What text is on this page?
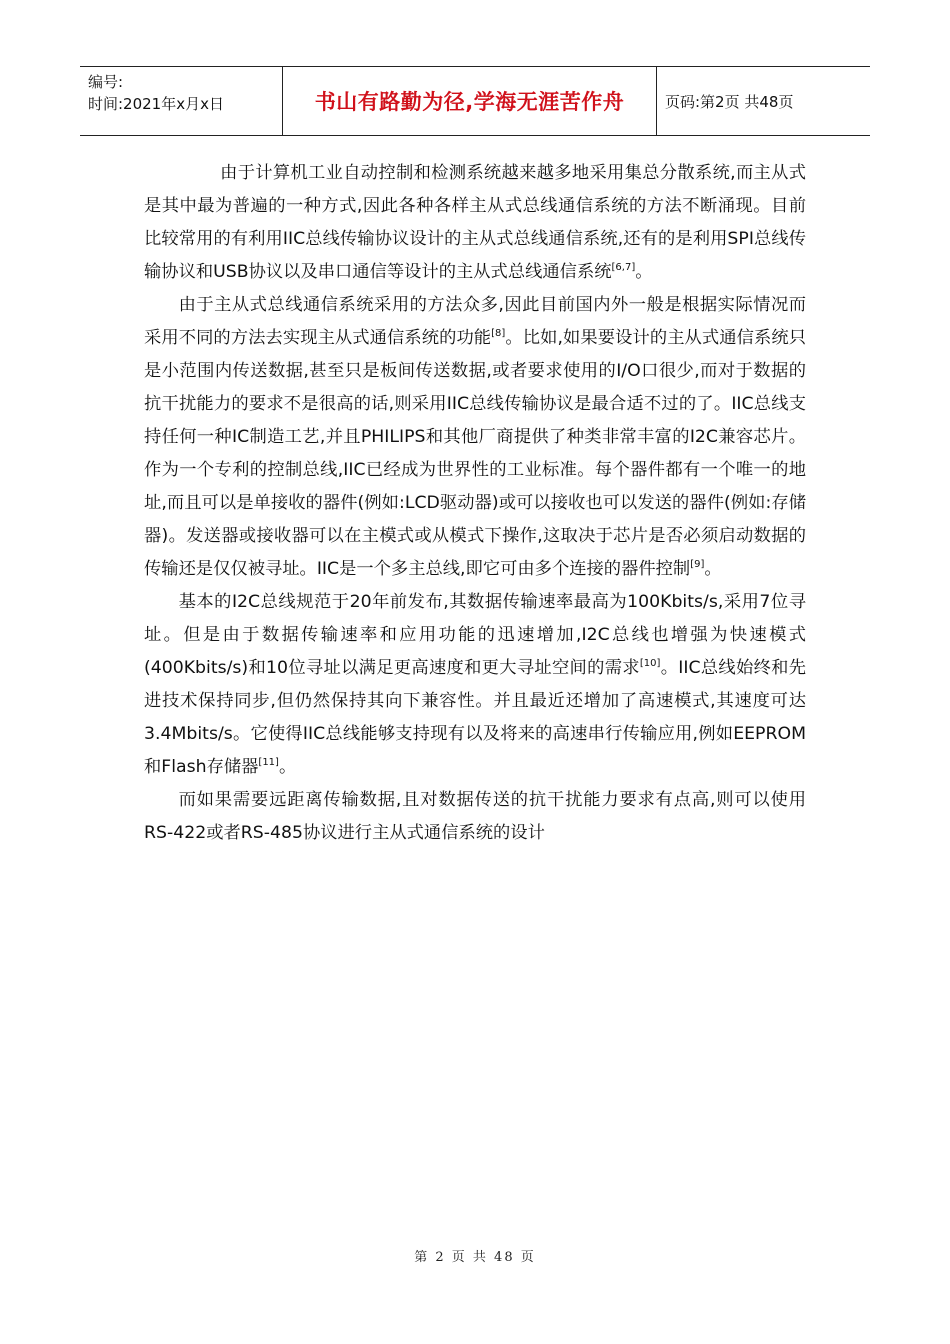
编号:
时间:2021年x月x日	书山有路勤为径,学海无涯苦作舟	页码:第2页 共48页

由于计算机工业自动控制和检测系统越来越多地采用集总分散系统,而主从式是其中最为普遍的一种方式,因此各种各样主从式总线通信系统的方法不断涌现。目前比较常用的有利用IIC总线传输协议设计的主从式总线通信系统,还有的是利用SPI总线传输协议和USB协议以及串口通信等设计的主从式总线通信系统[6,7]。

由于主从式总线通信系统采用的方法众多,因此目前国内外一般是根据实际情况而采用不同的方法去实现主从式通信系统的功能[8]。比如,如果要设计的主从式通信系统只是小范围内传送数据,甚至只是板间传送数据,或者要求使用的I/O口很少,而对于数据的抗干扰能力的要求不是很高的话,则采用IIC总线传输协议是最合适不过的了。IIC总线支持任何一种IC制造工艺,并且PHILIPS和其他厂商提供了种类非常丰富的I2C兼容芯片。作为一个专利的控制总线,IIC已经成为世界性的工业标准。每个器件都有一个唯一的地址,而且可以是单接收的器件(例如:LCD驱动器)或可以接收也可以发送的器件(例如:存储器)。发送器或接收器可以在主模式或从模式下操作,这取决于芯片是否必须启动数据的传输还是仅仅被寻址。IIC是一个多主总线,即它可由多个连接的器件控制[9]。

基本的I2C总线规范于20年前发布,其数据传输速率最高为100Kbits/s,采用7位寻址。但是由于数据传输速率和应用功能的迅速增加,I2C总线也增强为快速模式(400Kbits/s)和10位寻址以满足更高速度和更大寻址空间的需求[10]。IIC总线始终和先进技术保持同步,但仍然保持其向下兼容性。并且最近还增加了高速模式,其速度可达3.4Mbits/s。它使得IIC总线能够支持现有以及将来的高速串行传输应用,例如EEPROM和Flash存储器[11]。

而如果需要远距离传输数据,且对数据传送的抗干扰能力要求有点高,则可以使用RS-422或者RS-485协议进行主从式通信系统的设计

第 2 页 共 48 页
